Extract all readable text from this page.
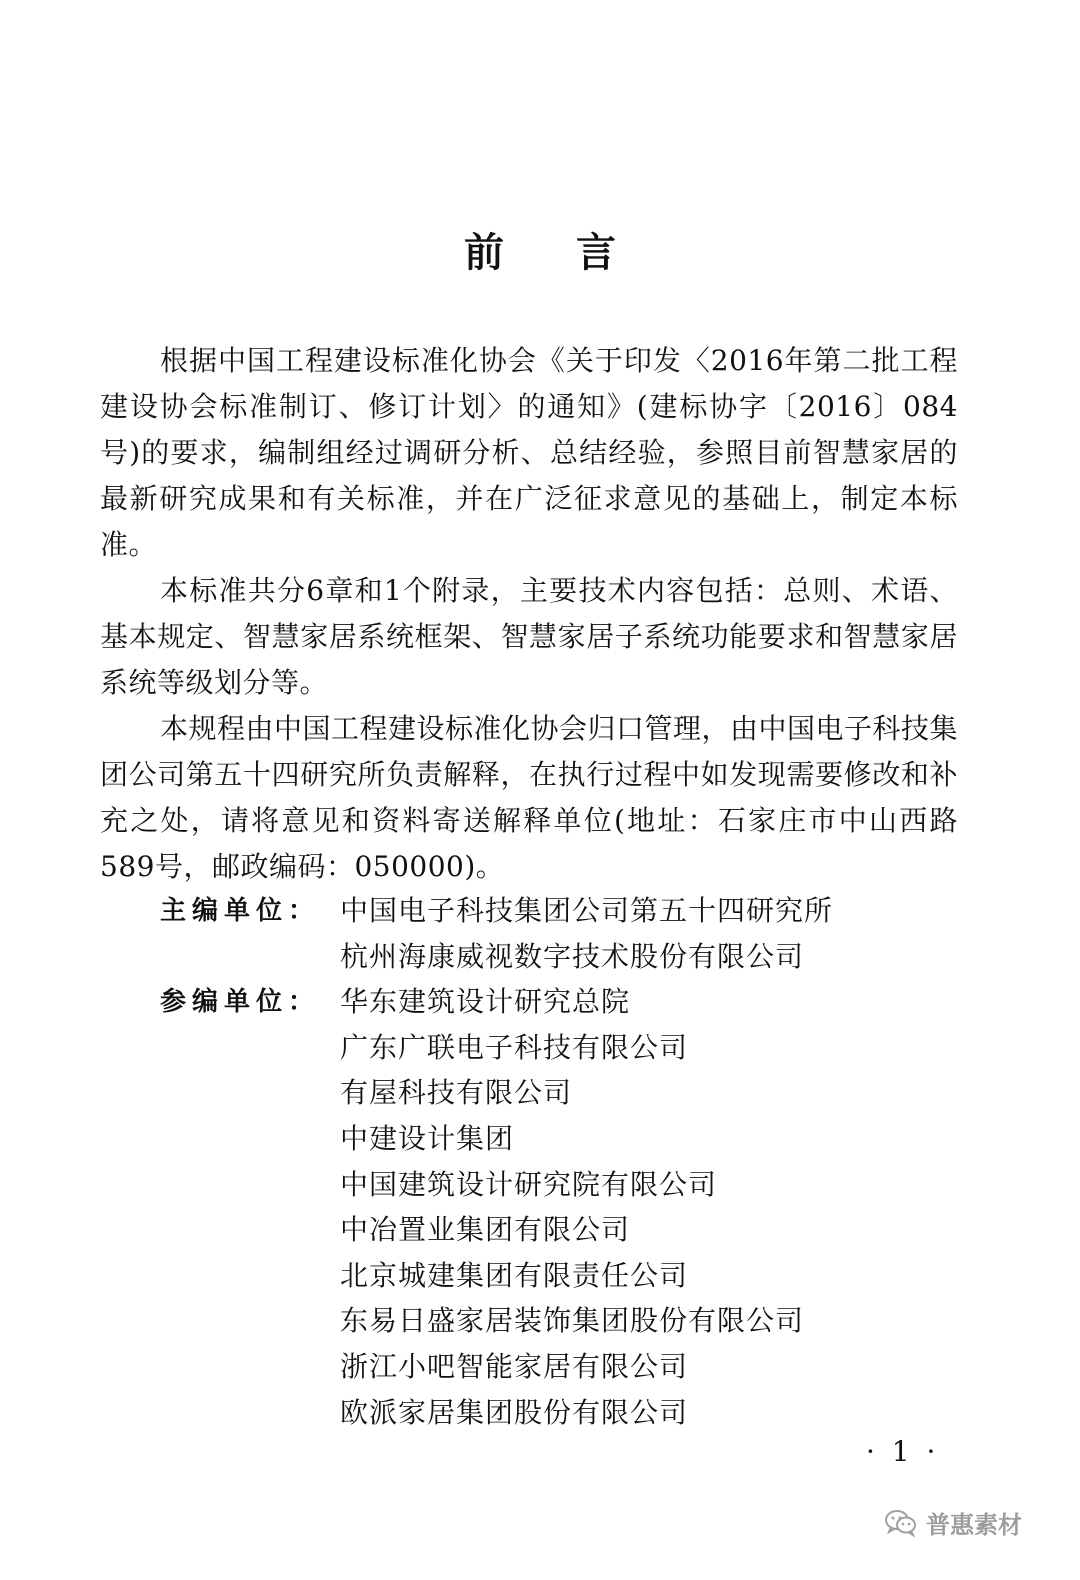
前言

根据中国工程建设标准化协会《关于印发〈2016年第二批工程建设协会标准制订、修订计划〉的通知》(建标协字〔2016〕084号)的要求，编制组经过调研分析、总结经验，参照目前智慧家居的最新研究成果和有关标准，并在广泛征求意见的基础上，制定本标准。

本标准共分6章和1个附录，主要技术内容包括：总则、术语、基本规定、智慧家居系统框架、智慧家居子系统功能要求和智慧家居系统等级划分等。

本规程由中国工程建设标准化协会归口管理，由中国电子科技集团公司第五十四研究所负责解释，在执行过程中如发现需要修改和补充之处，请将意见和资料寄送解释单位(地址：石家庄市中山西路589号，邮政编码：050000)。

主编单位： 中国电子科技集团公司第五十四研究所
杭州海康威视数字技术股份有限公司
参编单位： 华东建筑设计研究总院
广东广联电子科技有限公司
有屋科技有限公司
中建设计集团
中国建筑设计研究院有限公司
中冶置业集团有限公司
北京城建集团有限责任公司
东易日盛家居装饰集团股份有限公司
浙江小吧智能家居有限公司
欧派家居集团股份有限公司
· 1 ·
普惠素材
